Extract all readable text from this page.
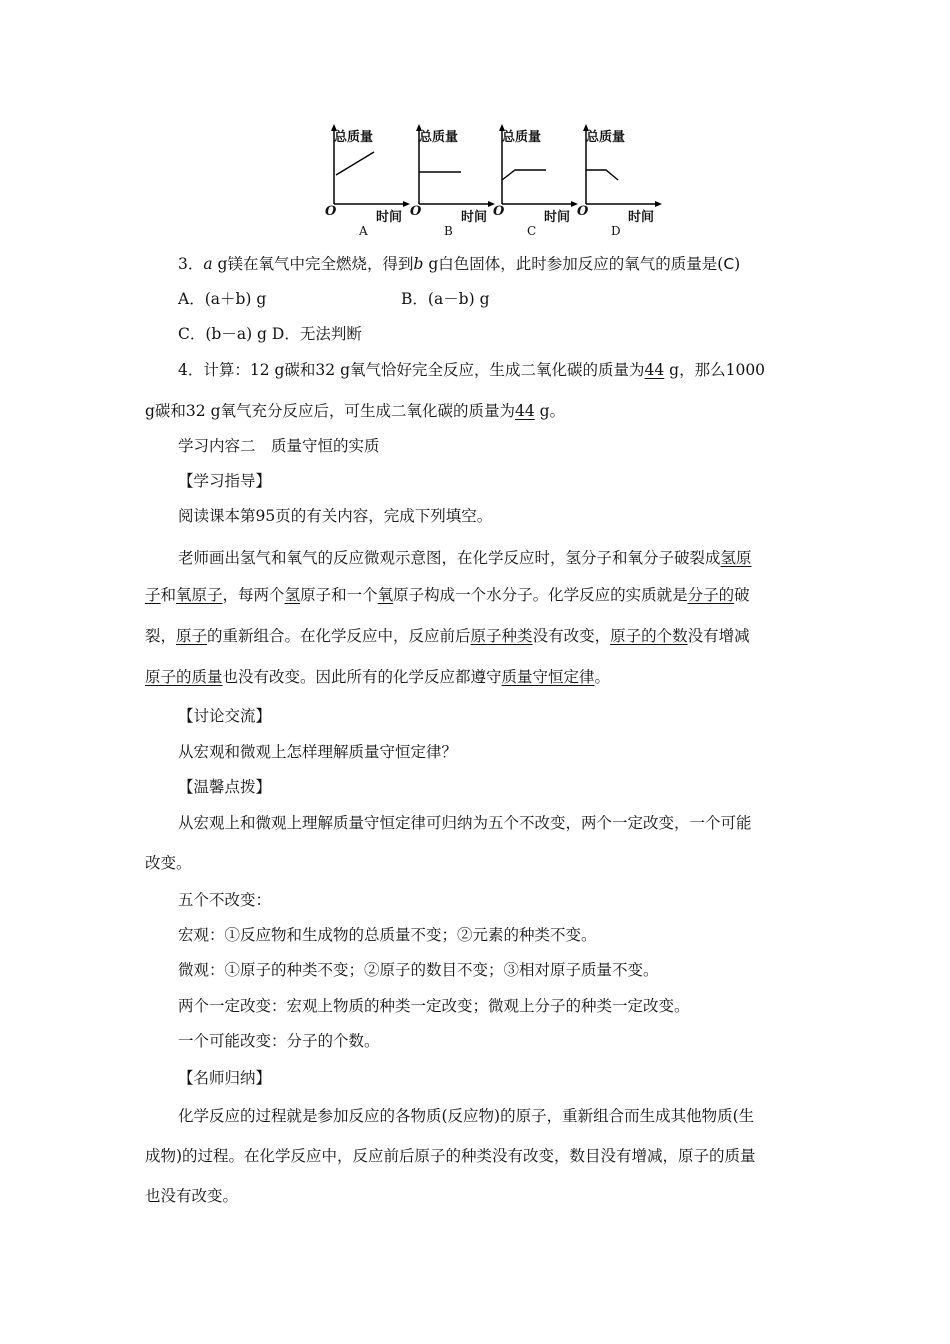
总质量
O	时间
A
总质量
O	时间
B
总质量
O	时间
C
总质量
O	时间
D
3．a g镁在氧气中完全燃烧，得到b g白色固体，此时参加反应的氧气的质量是(C)
A．(a＋b) g	B．(a－b) g
C．(b－a) g D．无法判断
4．计算：12 g碳和32 g氧气恰好完全反应，生成二氧化碳的质量为44 g，那么1000
g碳和32 g氧气充分反应后，可生成二氧化碳的质量为44 g。
学习内容二　质量守恒的实质
【学习指导】
阅读课本第95页的有关内容，完成下列填空。
老师画出氢气和氧气的反应微观示意图，在化学反应时，氢分子和氧分子破裂成氢原
子和氧原子，每两个氢原子和一个氧原子构成一个水分子。化学反应的实质就是分子的破
裂，原子的重新组合。在化学反应中，反应前后原子种类没有改变，原子的个数没有增减
原子的质量也没有改变。因此所有的化学反应都遵守质量守恒定律。
【讨论交流】
从宏观和微观上怎样理解质量守恒定律？
【温馨点拨】
从宏观上和微观上理解质量守恒定律可归纳为五个不改变，两个一定改变，一个可能
改变。
五个不改变：
宏观：①反应物和生成物的总质量不变；②元素的种类不变。
微观：①原子的种类不变；②原子的数目不变；③相对原子质量不变。
两个一定改变：宏观上物质的种类一定改变；微观上分子的种类一定改变。
一个可能改变：分子的个数。
【名师归纳】
化学反应的过程就是参加反应的各物质(反应物)的原子，重新组合而生成其他物质(生
成物)的过程。在化学反应中，反应前后原子的种类没有改变，数目没有增减，原子的质量
也没有改变。
